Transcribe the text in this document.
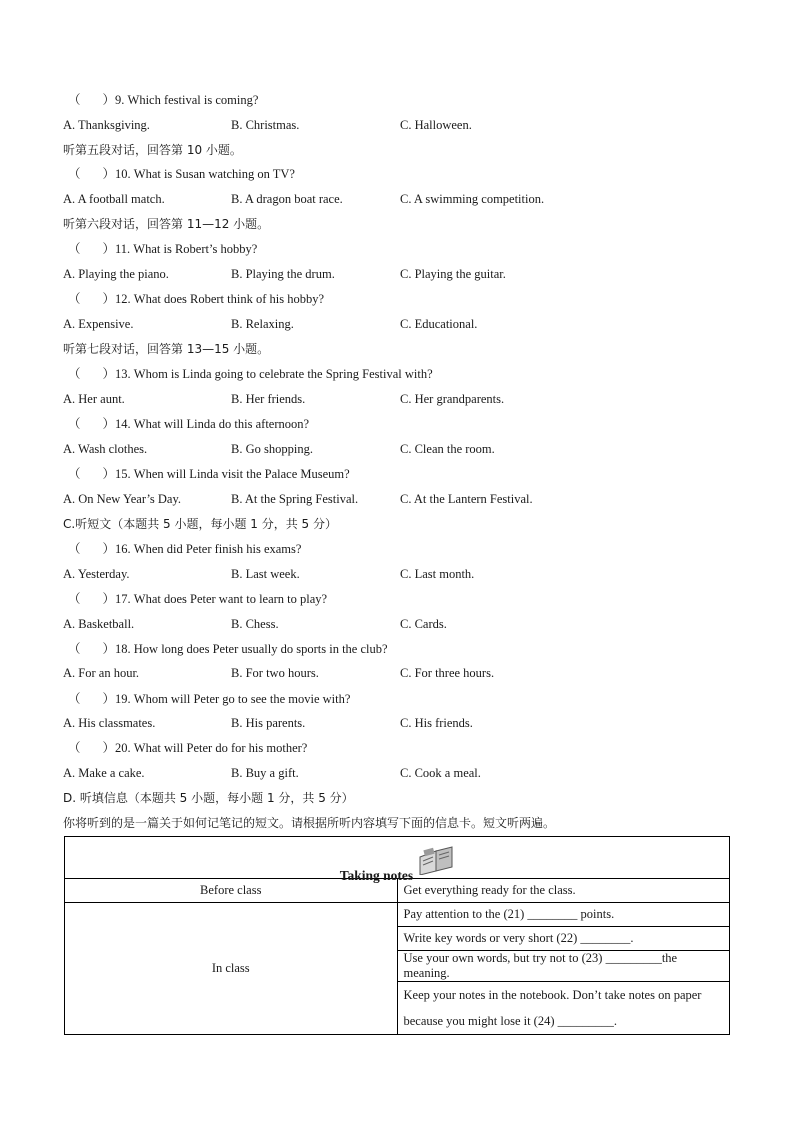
（ ）9. Which festival is coming?
A. Thanksgiving.	B. Christmas.	C. Halloween.
听第五段对话，回答第 10 小题。
（ ）10. What is Susan watching on TV?
A. A football match.	B. A dragon boat race.	C. A swimming competition.
听第六段对话，回答第 11—12 小题。
（ ）11. What is Robert’s hobby?
A. Playing the piano.	B. Playing the drum.	C. Playing the guitar.
（ ）12. What does Robert think of his hobby?
A. Expensive.	B. Relaxing.	C. Educational.
听第七段对话，回答第 13—15 小题。
（ ）13. Whom is Linda going to celebrate the Spring Festival with?
A. Her aunt.	B. Her friends.	C. Her grandparents.
（ ）14. What will Linda do this afternoon?
A. Wash clothes.	B. Go shopping.	C. Clean the room.
（ ）15. When will Linda visit the Palace Museum?
A. On New Year’s Day.	B. At the Spring Festival.	C. At the Lantern Festival.
C.听短文（本题共 5 小题，每小题 1 分，共 5 分）
（ ）16. When did Peter finish his exams?
A. Yesterday.	B. Last week.	C. Last month.
（ ）17. What does Peter want to learn to play?
A. Basketball.	B. Chess.	C. Cards.
（ ）18. How long does Peter usually do sports in the club?
A. For an hour.	B. For two hours.	C. For three hours.
（ ）19. Whom will Peter go to see the movie with?
A. His classmates.	B. His parents.	C. His friends.
（ ）20. What will Peter do for his mother?
A. Make a cake.	B. Buy a gift.	C. Cook a meal.
D. 听填信息（本题共 5 小题，每小题 1 分，共 5 分）
你将听到的是一篇关于如何记笔记的短文。请根据所听内容填写下面的信息卡。短文听两遍。
Taking notes	
Before class	Get everything ready for the class.
In class	Pay attention to the (21) ________ points.
	Write key words or very short (22) ________.
	Use your own words, but try not to (23) _________the meaning.
	Keep your notes in the notebook. Don’t take notes on paper because you might lose it (24) _________.
